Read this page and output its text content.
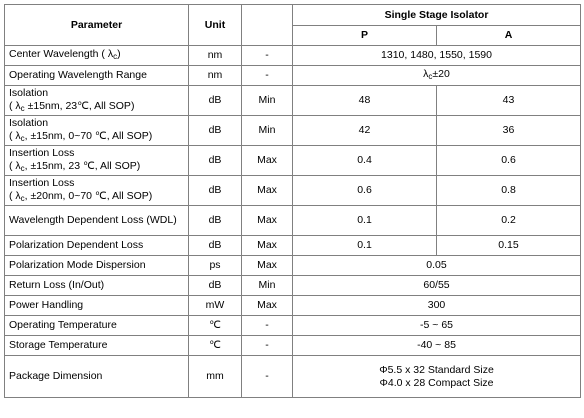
Parameter	Unit		Single Stage Isolator	
			P	A
Center Wavelength ( $\lambda_c$)	nm	-	1310, 1480, 1550, 1590	
Operating Wavelength Range	nm	-	$\lambda_c\pm 20$	

Isolation
( $\lambda_c \pm 15nm$, 23℃, All SOP)	dB	Min	48	43

Isolation
( $\lambda_c$, ±15nm, 0~70 ℃, All SOP)	dB	Min	42	36

Insertion Loss
( $\lambda_c$, ±15nm, 23 ℃, All SOP)	dB	Max	0.4	0.6

Insertion Loss
( $\lambda_c$, ±20nm, 0~70 ℃, All SOP)	dB	Max	0.6	0.8
Wavelength Dependent Loss (WDL)	dB	Max	0.1	0.2
Polarization Dependent Loss	dB	Max	0.1	0.15
Polarization Mode Dispersion	ps	Max	0.05	
Return Loss (In/Out)	dB	Min	60/55	
Power Handling	mW	Max	300	
Operating Temperature	℃	-	-5 ~ 65	
Storage Temperature	℃	-	-40 ~ 85	
Package Dimension	mm	-	Φ5.5 x 32 Standard Size
Φ4.0 x 28 Compact Size	
